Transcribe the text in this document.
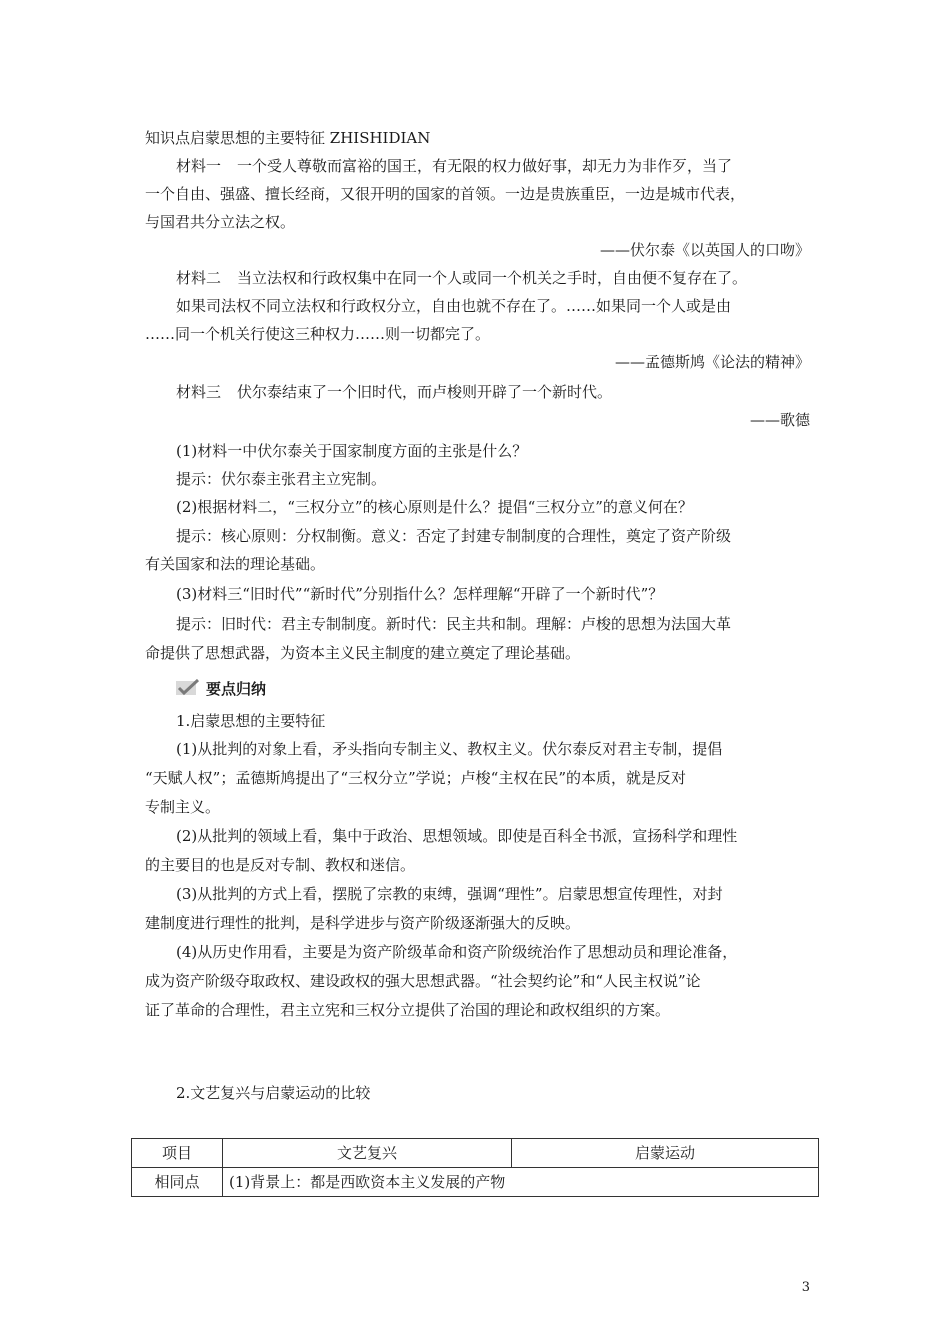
知识点启蒙思想的主要特征 ZHISHIDIAN
材料一 一个受人尊敬而富裕的国王，有无限的权力做好事，却无力为非作歹，当了
一个自由、强盛、擅长经商，又很开明的国家的首领。一边是贵族重臣，一边是城市代表，
与国君共分立法之权。
——伏尔泰《以英国人的口吻》
材料二 当立法权和行政权集中在同一个人或同一个机关之手时，自由便不复存在了。
如果司法权不同立法权和行政权分立，自由也就不存在了。……如果同一个人或是由
……同一个机关行使这三种权力……则一切都完了。
——孟德斯鸠《论法的精神》
材料三 伏尔泰结束了一个旧时代，而卢梭则开辟了一个新时代。
——歌德
(1)材料一中伏尔泰关于国家制度方面的主张是什么？
提示：伏尔泰主张君主立宪制。
(2)根据材料二，“三权分立”的核心原则是什么？提倡“三权分立”的意义何在？
提示：核心原则：分权制衡。意义：否定了封建专制制度的合理性，奠定了资产阶级
有关国家和法的理论基础。
(3)材料三“旧时代”“新时代”分别指什么？怎样理解“开辟了一个新时代”？
提示：旧时代：君主专制制度。新时代：民主共和制。理解：卢梭的思想为法国大革
命提供了思想武器，为资本主义民主制度的建立奠定了理论基础。
要点归纳
1.启蒙思想的主要特征
(1)从批判的对象上看，矛头指向专制主义、教权主义。伏尔泰反对君主专制，提倡
“天赋人权”；孟德斯鸠提出了“三权分立”学说；卢梭“主权在民”的本质，就是反对
专制主义。
(2)从批判的领域上看，集中于政治、思想领域。即使是百科全书派，宣扬科学和理性
的主要目的也是反对专制、教权和迷信。
(3)从批判的方式上看，摆脱了宗教的束缚，强调“理性”。启蒙思想宣传理性，对封
建制度进行理性的批判，是科学进步与资产阶级逐渐强大的反映。
(4)从历史作用看，主要是为资产阶级革命和资产阶级统治作了思想动员和理论准备，
成为资产阶级夺取政权、建设政权的强大思想武器。“社会契约论”和“人民主权说”论
证了革命的合理性，君主立宪和三权分立提供了治国的理论和政权组织的方案。
2.文艺复兴与启蒙运动的比较
项目	文艺复兴	启蒙运动
相同点	(1)背景上：都是西欧资本主义发展的产物	
3
